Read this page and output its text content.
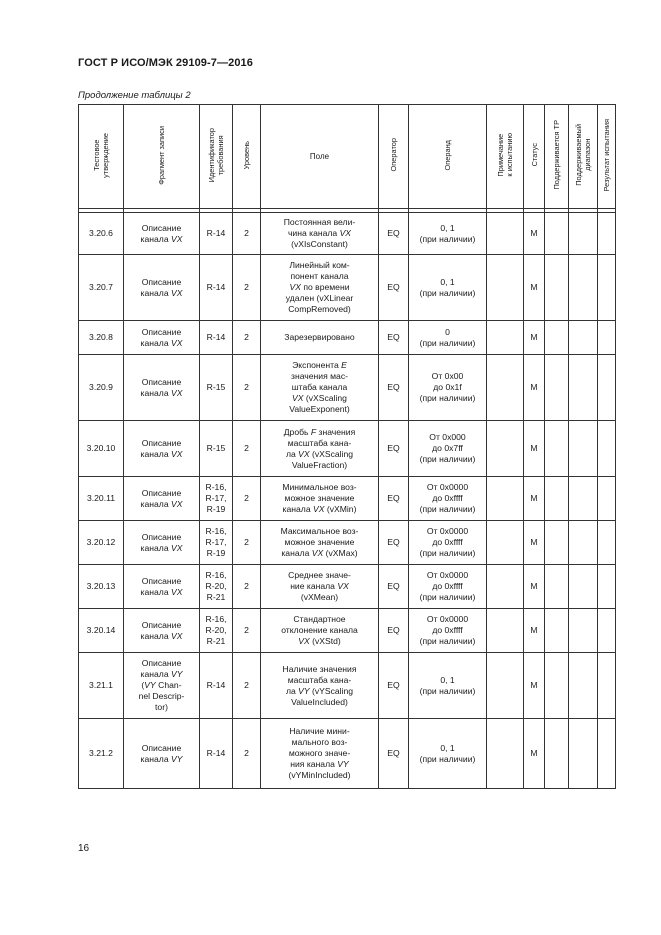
ГОСТ Р ИСО/МЭК 29109-7—2016
Продолжение таблицы 2
Тестовое
утверждение	Фрагмент записи	Идентификатор
требования	Уровень	Поле	Оператор	Операнд	Примечание
к испытанию	Статус	Поддерживается ТР	Поддерживаемый
диапазон	Результат испытания

3.20.6	Описание
канала VX	R-14	2	Постоянная вели-
чина канала VX
(vXIsConstant)	EQ	0, 1
(при наличии)		M			
3.20.7	Описание
канала VX	R-14	2	Линейный ком-
понент канала
VX по времени
удален (vXLinear
CompRemoved)	EQ	0, 1
(при наличии)		M			
3.20.8	Описание
канала VX	R-14	2	Зарезервировано	EQ	0
(при наличии)		M			
3.20.9	Описание
канала VX	R-15	2	Экспонента E
значения мас-
штаба канала
VX (vXScaling
ValueExponent)	EQ	От 0x00
до 0x1f
(при наличии)		M			
3.20.10	Описание
канала VX	R-15	2	Дробь F значения
масштаба кана-
ла VX (vXScaling
ValueFraction)	EQ	От 0x000
до 0x7ff
(при наличии)		M			
3.20.11	Описание
канала VX	R-16,
R-17,
R-19	2	Минимальное воз-
можное значение
канала VX (vXMin)	EQ	От 0x0000
до 0xffff
(при наличии)		M			
3.20.12	Описание
канала VX	R-16,
R-17,
R-19	2	Максимальное воз-
можное значение
канала VX (vXMax)	EQ	От 0x0000
до 0xffff
(при наличии)		M			
3.20.13	Описание
канала VX	R-16,
R-20,
R-21	2	Среднее значе-
ние канала VX
(vXMean)	EQ	От 0x0000
до 0xffff
(при наличии)		M			
3.20.14	Описание
канала VX	R-16,
R-20,
R-21	2	Стандартное
отклонение канала
VX (vXStd)	EQ	От 0x0000
до 0xffff
(при наличии)		M			
3.21.1	Описание
канала VY
(VY Chan-
nel Descrip-
tor)	R-14	2	Наличие значения
масштаба кана-
ла VY (vYScaling
ValueIncluded)	EQ	0, 1
(при наличии)		M			
3.21.2	Описание
канала VY	R-14	2	Наличие мини-
мального воз-
можного значе-
ния канала VY
(vYMinIncluded)	EQ	0, 1
(при наличии)		M			
16
